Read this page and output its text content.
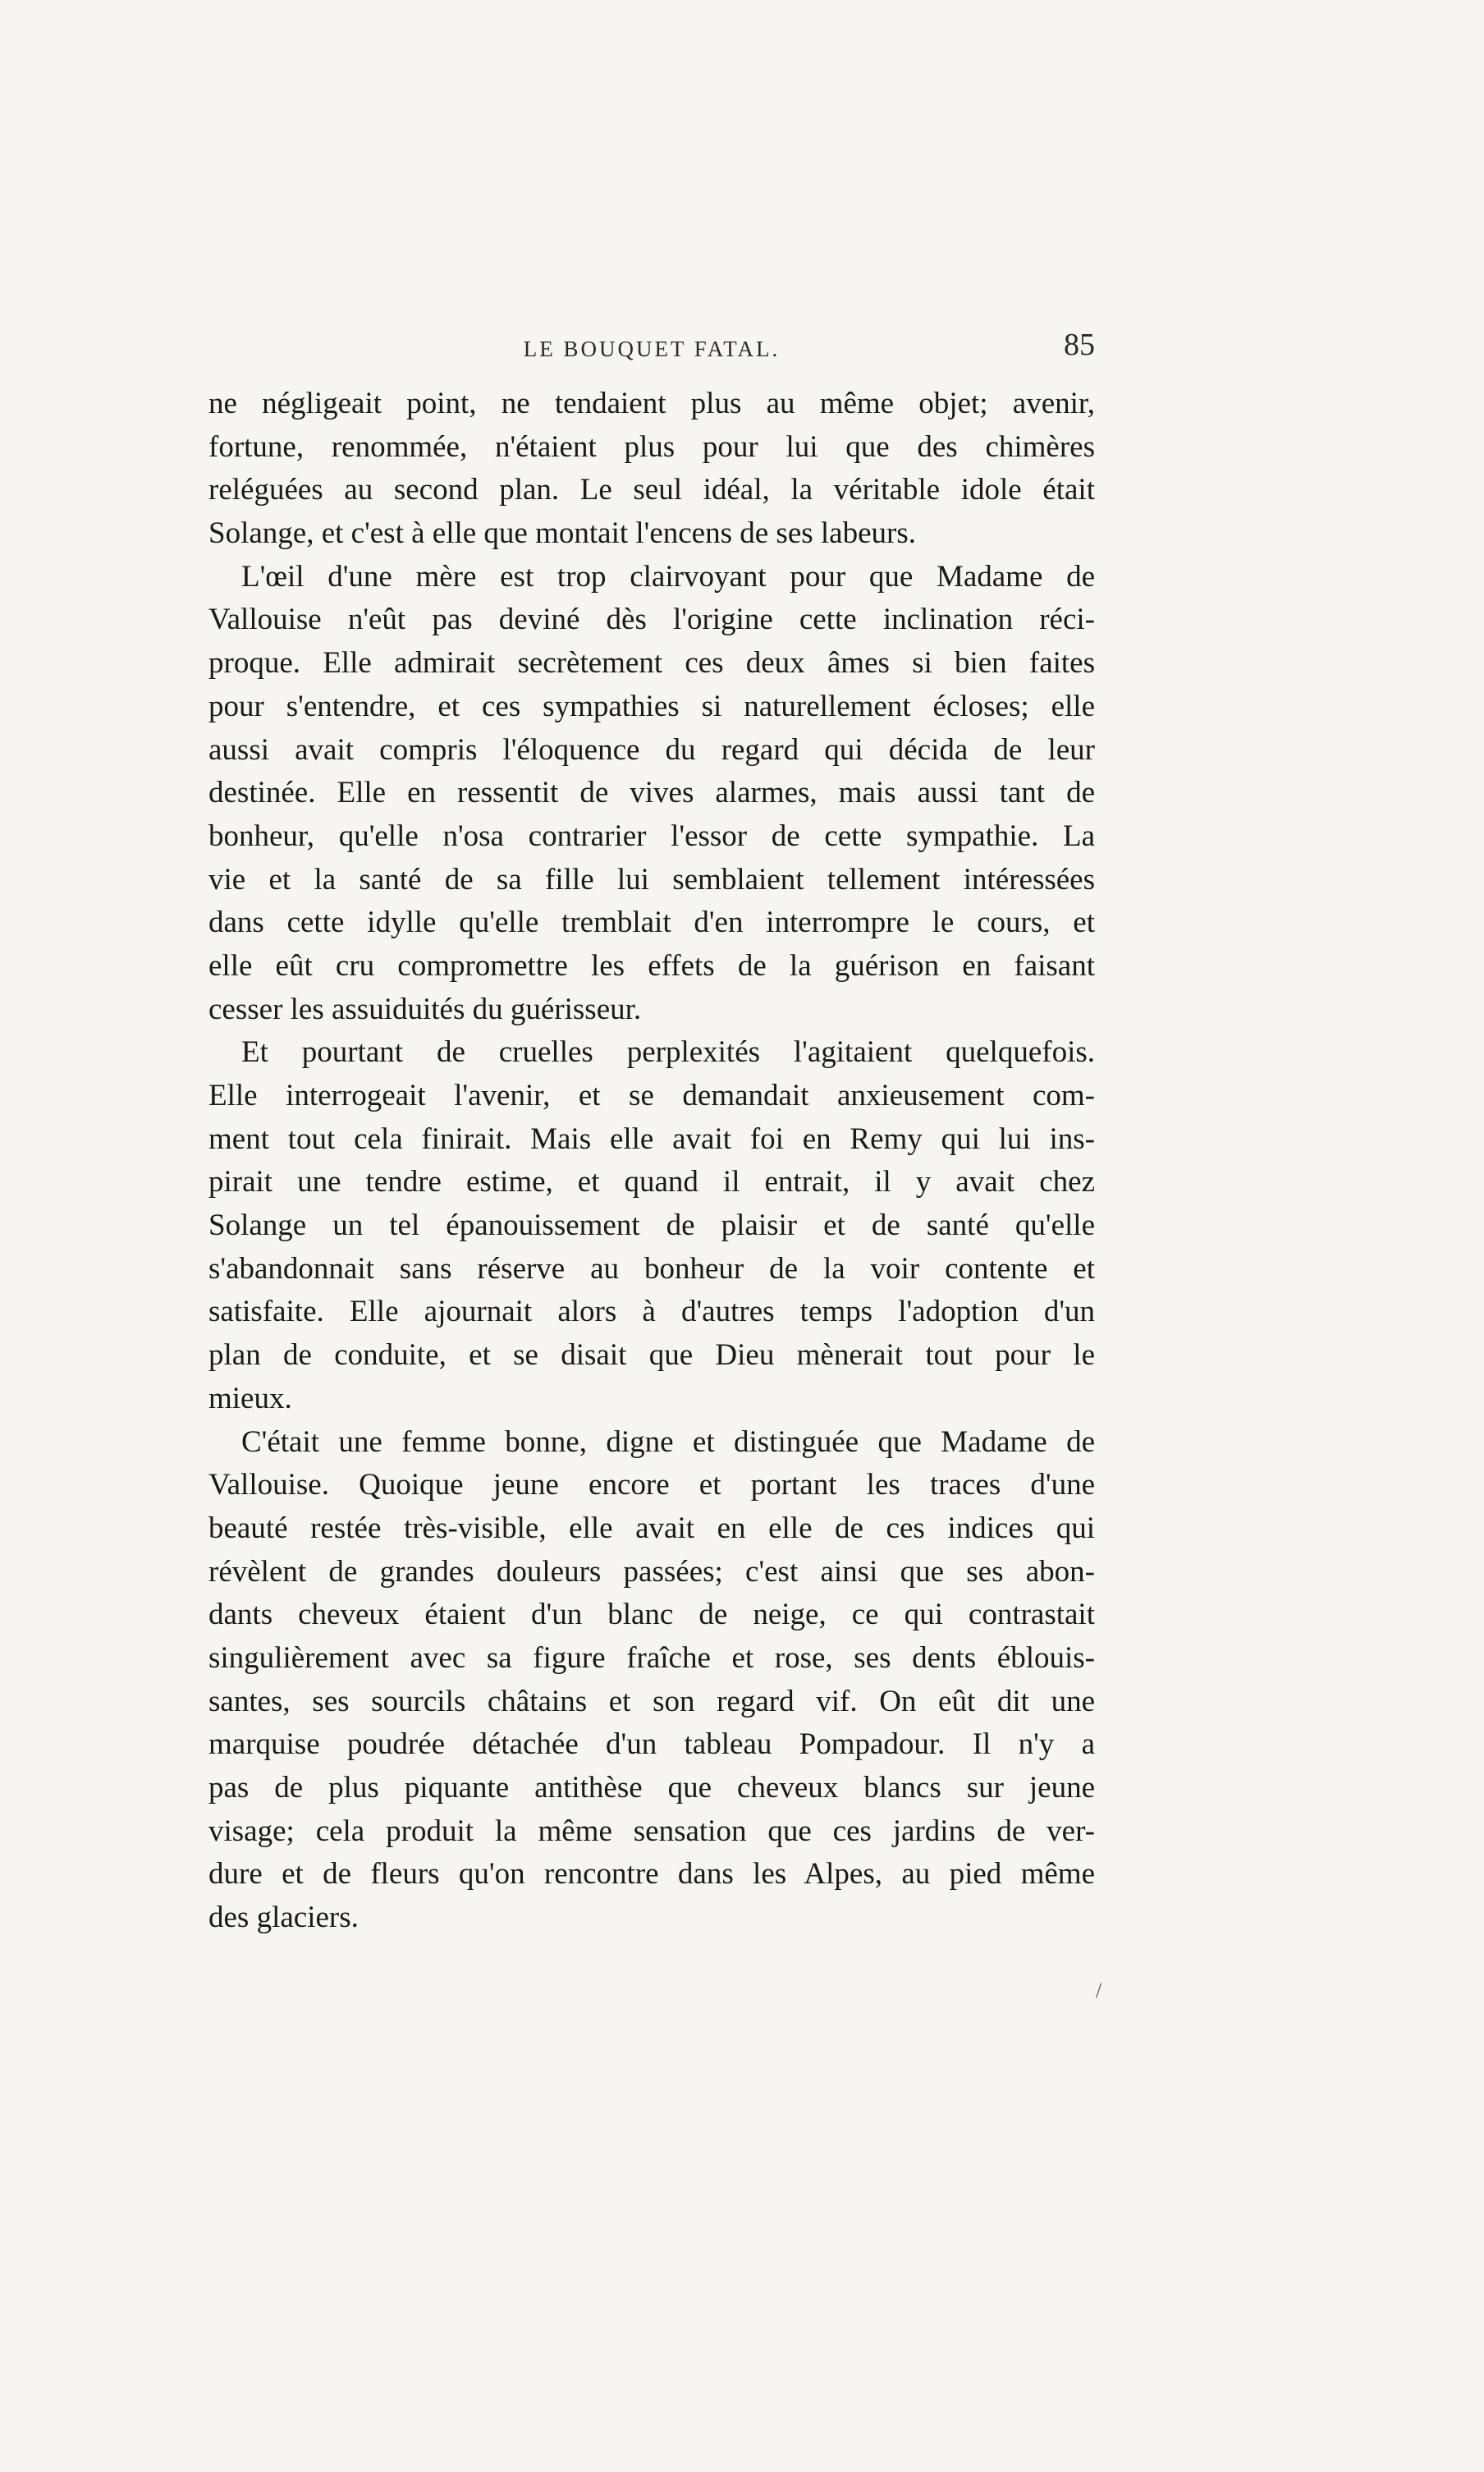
LE BOUQUET FATAL.	85
ne négligeait point, ne tendaient plus au même objet; avenir,
fortune, renommée, n'étaient plus pour lui que des chimères
reléguées au second plan. Le seul idéal, la véritable idole était
Solange, et c'est à elle que montait l'encens de ses labeurs.
L'œil d'une mère est trop clairvoyant pour que Madame de
Vallouise n'eût pas deviné dès l'origine cette inclination réci-
proque. Elle admirait secrètement ces deux âmes si bien faites
pour s'entendre, et ces sympathies si naturellement écloses; elle
aussi avait compris l'éloquence du regard qui décida de leur
destinée. Elle en ressentit de vives alarmes, mais aussi tant de
bonheur, qu'elle n'osa contrarier l'essor de cette sympathie. La
vie et la santé de sa fille lui semblaient tellement intéressées
dans cette idylle qu'elle tremblait d'en interrompre le cours, et
elle eût cru compromettre les effets de la guérison en faisant
cesser les assuiduités du guérisseur.
Et pourtant de cruelles perplexités l'agitaient quelquefois.
Elle interrogeait l'avenir, et se demandait anxieusement com-
ment tout cela finirait. Mais elle avait foi en Remy qui lui ins-
pirait une tendre estime, et quand il entrait, il y avait chez
Solange un tel épanouissement de plaisir et de santé qu'elle
s'abandonnait sans réserve au bonheur de la voir contente et
satisfaite. Elle ajournait alors à d'autres temps l'adoption d'un
plan de conduite, et se disait que Dieu mènerait tout pour le
mieux.
C'était une femme bonne, digne et distinguée que Madame de
Vallouise. Quoique jeune encore et portant les traces d'une
beauté restée très-visible, elle avait en elle de ces indices qui
révèlent de grandes douleurs passées; c'est ainsi que ses abon-
dants cheveux étaient d'un blanc de neige, ce qui contrastait
singulièrement avec sa figure fraîche et rose, ses dents éblouis-
santes, ses sourcils châtains et son regard vif. On eût dit une
marquise poudrée détachée d'un tableau Pompadour. Il n'y a
pas de plus piquante antithèse que cheveux blancs sur jeune
visage; cela produit la même sensation que ces jardins de ver-
dure et de fleurs qu'on rencontre dans les Alpes, au pied même
des glaciers.
/
